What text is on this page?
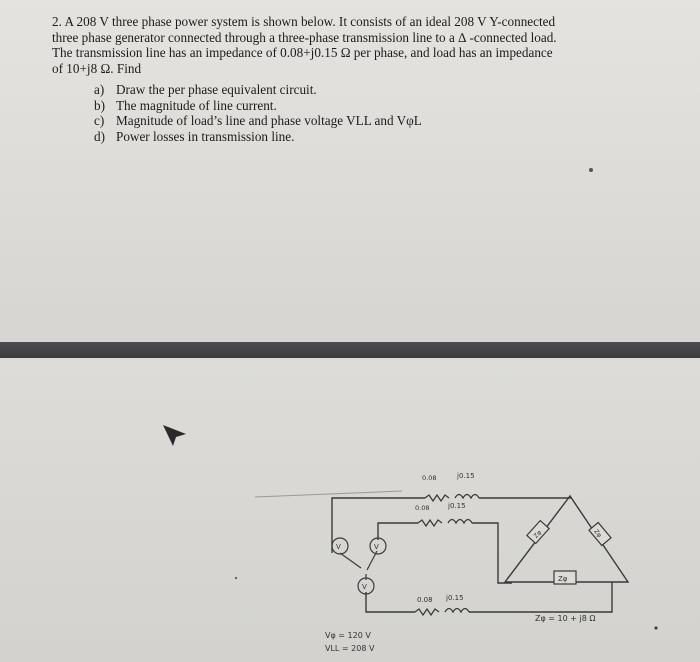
2. A 208 V three phase power system is shown below. It consists of an ideal 208 V Y-connected

three phase generator connected through a three-phase transmission line to a ∆ -connected load.

The transmission line has an impedance of 0.08+j0.15 Ω per phase, and load has an impedance

of 10+j8 Ω. Find

a) Draw the per phase equivalent circuit.
b) The magnitude of line current.
c) Magnitude of load’s line and phase voltage VLL and VφL
d) Power losses in transmission line.
V	V
V
Zφ	Zφ
Zφ
0.08	j0.15
0.08	j0.15
0.08 j0.15
Zφ = 10 + j8 Ω
Vφ = 120 V
VLL = 208 V
